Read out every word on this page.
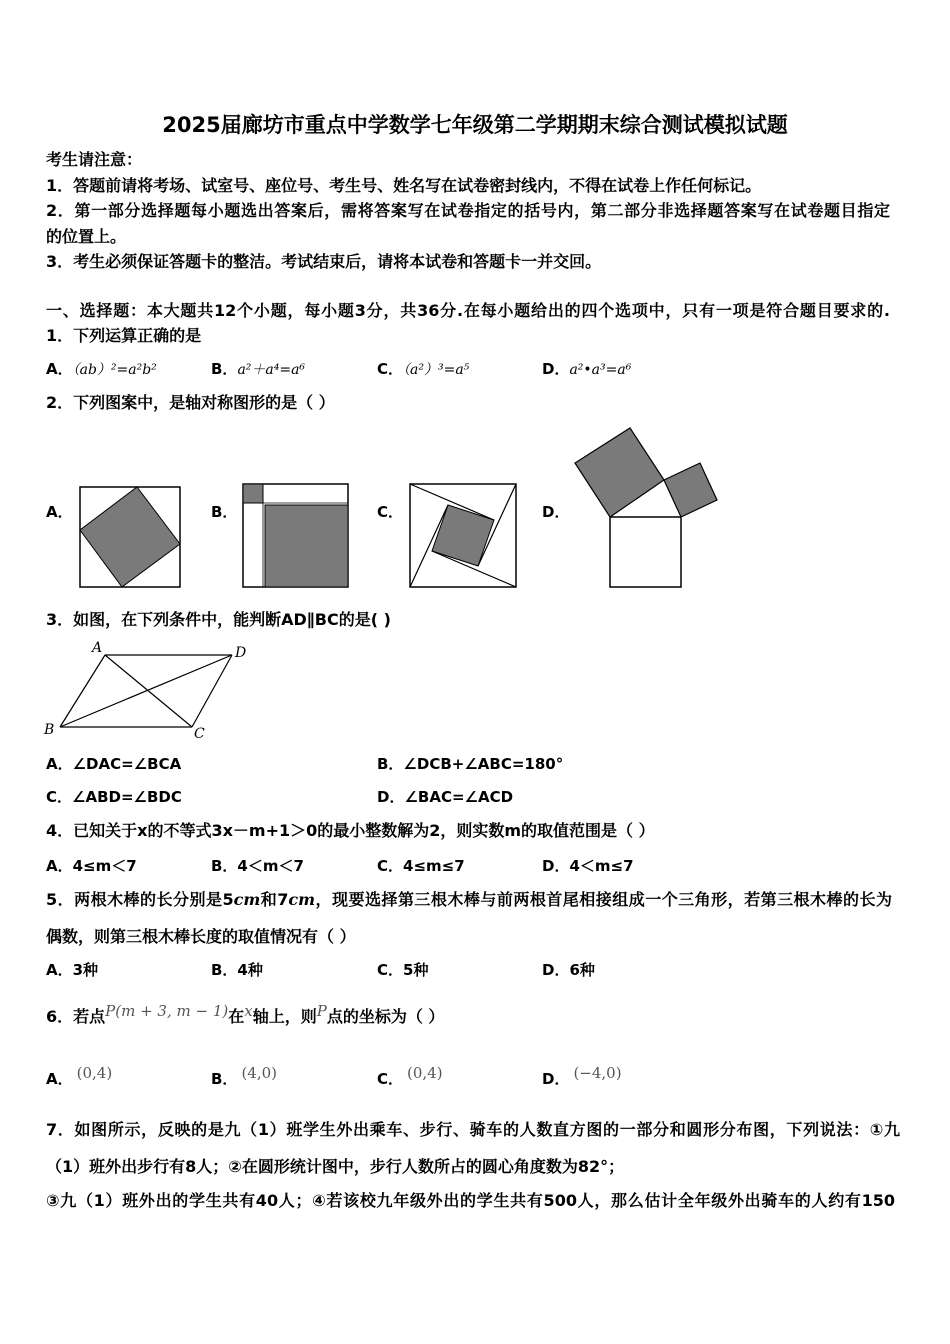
2025届廊坊市重点中学数学七年级第二学期期末综合测试模拟试题
考生请注意：
1．答题前请将考场、试室号、座位号、考生号、姓名写在试卷密封线内，不得在试卷上作任何标记。
2．第一部分选择题每小题选出答案后，需将答案写在试卷指定的括号内，第二部分非选择题答案写在试卷题目指定
的位置上。
3．考生必须保证答题卡的整洁。考试结束后，请将本试卷和答题卡一并交回。
一、选择题：本大题共12个小题，每小题3分，共36分.在每小题给出的四个选项中，只有一项是符合题目要求的.
1．下列运算正确的是
A．（ab）²=a²b²	B．a²＋a⁴=a⁶	C．（a²）³=a⁵	D．a²•a³=a⁶
2．下列图案中，是轴对称图形的是（ ）
A．	B．	C．	D．
3．如图，在下列条件中，能判断AD∥BC的是( )
A	D
B	C
A．∠DAC=∠BCA	B．∠DCB+∠ABC=180°
C．∠ABD=∠BDC	D．∠BAC=∠ACD
4．已知关于x的不等式3x－m+1＞0的最小整数解为2，则实数m的取值范围是（ ）
A．4≤m＜7	B．4＜m＜7	C．4≤m≤7	D．4＜m≤7
5．两根木棒的长分别是5cm和7cm，现要选择第三根木棒与前两根首尾相接组成一个三角形，若第三根木棒的长为
偶数，则第三根木棒长度的取值情况有（ ）
A．3种	B．4种	C．5种	D．6种
6．若点P(m + 3, m − 1)在x轴上，则P点的坐标为（ ）
A． (0,4)	B． (4,0)	C． (0,4)	D． (−4,0)
7．如图所示，反映的是九（1）班学生外出乘车、步行、骑车的人数直方图的一部分和圆形分布图，下列说法：①九
（1）班外出步行有8人；②在圆形统计图中，步行人数所占的圆心角度数为82°；
③九（1）班外出的学生共有40人；④若该校九年级外出的学生共有500人，那么估计全年级外出骑车的人约有150
